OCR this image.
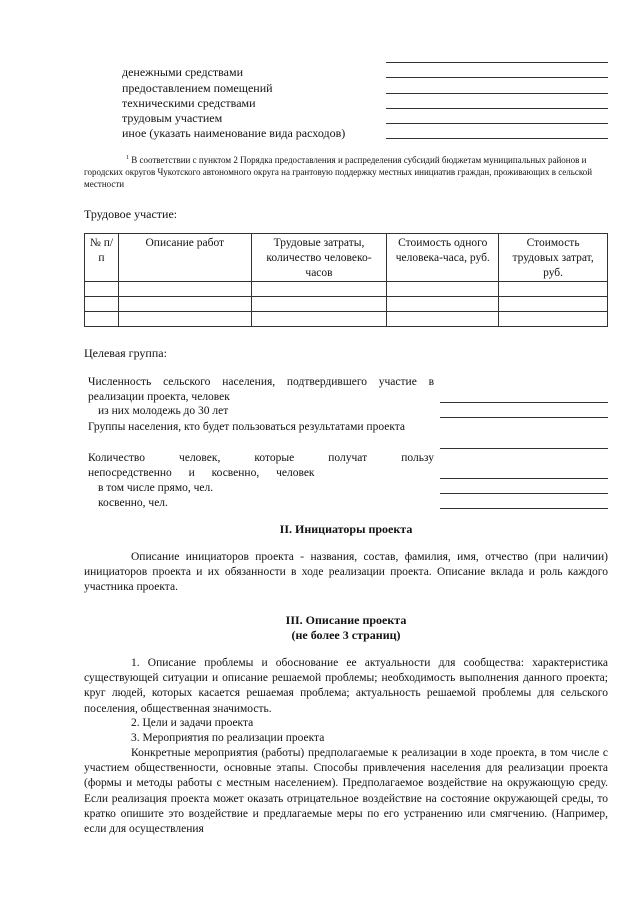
денежными средствами
предоставлением помещений
техническими средствами
трудовым участием
иное (указать наименование вида расходов)
$^1$ В соответствии с пунктом 2 Порядка предоставления и распределения субсидий бюджетам муниципальных районов и городских округов Чукотского автономного округа на грантовую поддержку местных инициатив граждан, проживающих в сельской местности
Трудовое участие:
№ п/п	Описание работ	Трудовые затраты, количество человеко-часов	Стоимость одного человека-часа, руб.	Стоимость трудовых затрат, руб.

Целевая группа:
Численность сельского населения, подтвердившего участие в реализации проекта, человек
из них молодежь до 30 лет
Группы населения, кто будет пользоваться результатами проекта
Количество человек, которые получат пользу непосредственно и косвенно, человек
в том числе прямо, чел.
косвенно, чел.
II. Инициаторы проекта
Описание инициаторов проекта - названия, состав, фамилия, имя, отчество (при наличии) инициаторов проекта и их обязанности в ходе реализации проекта. Описание вклада и роль каждого участника проекта.
III. Описание проекта
(не более 3 страниц)
1. Описание проблемы и обоснование ее актуальности для сообщества: характеристика существующей ситуации и описание решаемой проблемы; необходимость выполнения данного проекта; круг людей, которых касается решаемая проблема; актуальность решаемой проблемы для сельского поселения, общественная значимость.
2. Цели и задачи проекта
3. Мероприятия по реализации проекта
Конкретные мероприятия (работы) предполагаемые к реализации в ходе проекта, в том числе с участием общественности, основные этапы. Способы привлечения населения для реализации проекта (формы и методы работы с местным населением). Предполагаемое воздействие на окружающую среду. Если реализация проекта может оказать отрицательное воздействие на состояние окружающей среды, то кратко опишите это воздействие и предлагаемые меры по его устранению или смягчению. (Например, если для осуществления
